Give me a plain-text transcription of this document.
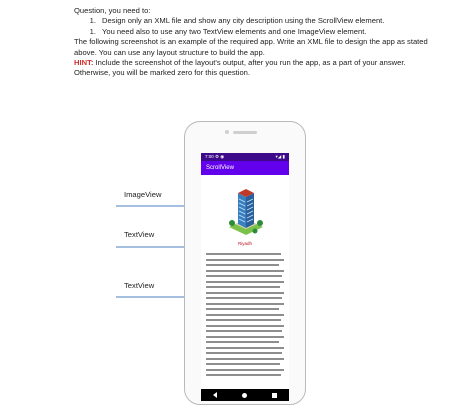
Question, you need to:

1. Design only an XML file and show any city description using the ScrollView element.
1. You need also to use any two TextView elements and one ImageView element.

The following screenshot is an example of the required app. Write an XML file to design the app as stated above. You can use any layout structure to build the app.

HINT: Include the screenshot of the layout's output, after you run the app, as a part of your answer. Otherwise, you will be marked zero for this question.

ImageView
TextView
TextView
7:00 ⚙ ◉	▾◢ ▮
ScrollView
Riyadh
